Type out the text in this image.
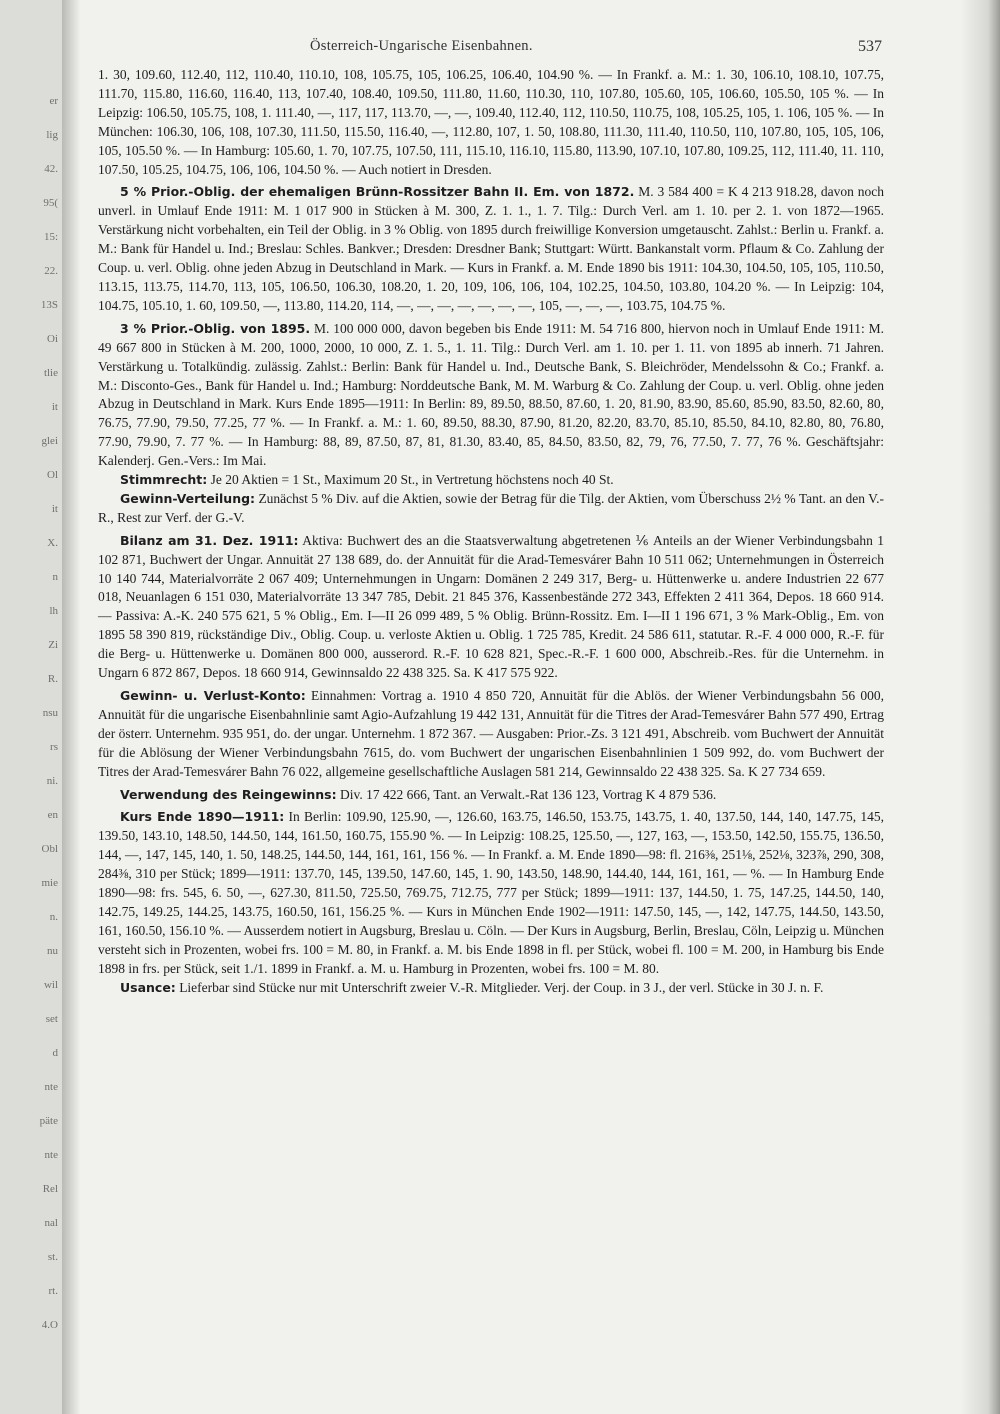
er
lig
42.
95(
15:
22.
13S
Oi
tlie
it
glei
Ol
it
X.
n
lh
Zi
R.
nsu
rs
ni.
en
Obl
mie
n.
nu
wil
set
d
nte
päte
nte
Rel
nal
st.
rt.
4.O
Österreich-Ungarische Eisenbahnen.	537

1. 30, 109.60, 112.40, 112, 110.40, 110.10, 108, 105.75, 105, 106.25, 106.40, 104.90 %. — In Frankf. a. M.: 1. 30, 106.10, 108.10, 107.75, 111.70, 115.80, 116.60, 116.40, 113, 107.40, 108.40, 109.50, 111.80, 11.60, 110.30, 110, 107.80, 105.60, 105, 106.60, 105.50, 105 %. — In Leipzig: 106.50, 105.75, 108, 1. 111.40, —, 117, 117, 113.70, —, —, 109.40, 112.40, 112, 110.50, 110.75, 108, 105.25, 105, 1. 106, 105 %. — In München: 106.30, 106, 108, 107.30, 111.50, 115.50, 116.40, —, 112.80, 107, 1. 50, 108.80, 111.30, 111.40, 110.50, 110, 107.80, 105, 105, 106, 105, 105.50 %. — In Hamburg: 105.60, 1. 70, 107.75, 107.50, 111, 115.10, 116.10, 115.80, 113.90, 107.10, 107.80, 109.25, 112, 111.40, 11. 110, 107.50, 105.25, 104.75, 106, 106, 104.50 %. — Auch notiert in Dresden.

5 % Prior.-Oblig. der ehemaligen Brünn-Rossitzer Bahn II. Em. von 1872. M. 3 584 400 = K 4 213 918.28, davon noch unverl. in Umlauf Ende 1911: M. 1 017 900 in Stücken à M. 300, Z. 1. 1., 1. 7. Tilg.: Durch Verl. am 1. 10. per 2. 1. von 1872—1965. Verstärkung nicht vorbehalten, ein Teil der Oblig. in 3 % Oblig. von 1895 durch freiwillige Konversion umgetauscht. Zahlst.: Berlin u. Frankf. a. M.: Bank für Handel u. Ind.; Breslau: Schles. Bankver.; Dresden: Dresdner Bank; Stuttgart: Württ. Bankanstalt vorm. Pflaum & Co. Zahlung der Coup. u. verl. Oblig. ohne jeden Abzug in Deutschland in Mark. — Kurs in Frankf. a. M. Ende 1890 bis 1911: 104.30, 104.50, 105, 105, 110.50, 113.15, 113.75, 114.70, 113, 105, 106.50, 106.30, 108.20, 1. 20, 109, 106, 106, 104, 102.25, 104.50, 103.80, 104.20 %. — In Leipzig: 104, 104.75, 105.10, 1. 60, 109.50, —, 113.80, 114.20, 114, —, —, —, —, —, —, —, 105, —, —, —, 103.75, 104.75 %.

3 % Prior.-Oblig. von 1895. M. 100 000 000, davon begeben bis Ende 1911: M. 54 716 800, hiervon noch in Umlauf Ende 1911: M. 49 667 800 in Stücken à M. 200, 1000, 2000, 10 000, Z. 1. 5., 1. 11. Tilg.: Durch Verl. am 1. 10. per 1. 11. von 1895 ab innerh. 71 Jahren. Verstärkung u. Totalkündig. zulässig. Zahlst.: Berlin: Bank für Handel u. Ind., Deutsche Bank, S. Bleichröder, Mendelssohn & Co.; Frankf. a. M.: Disconto-Ges., Bank für Handel u. Ind.; Hamburg: Norddeutsche Bank, M. M. Warburg & Co. Zahlung der Coup. u. verl. Oblig. ohne jeden Abzug in Deutschland in Mark. Kurs Ende 1895—1911: In Berlin: 89, 89.50, 88.50, 87.60, 1. 20, 81.90, 83.90, 85.60, 85.90, 83.50, 82.60, 80, 76.75, 77.90, 79.50, 77.25, 77 %. — In Frankf. a. M.: 1. 60, 89.50, 88.30, 87.90, 81.20, 82.20, 83.70, 85.10, 85.50, 84.10, 82.80, 80, 76.80, 77.90, 79.90, 7. 77 %. — In Hamburg: 88, 89, 87.50, 87, 81, 81.30, 83.40, 85, 84.50, 83.50, 82, 79, 76, 77.50, 7. 77, 76 %. Geschäftsjahr: Kalenderj. Gen.-Vers.: Im Mai.

Stimmrecht: Je 20 Aktien = 1 St., Maximum 20 St., in Vertretung höchstens noch 40 St.

Gewinn-Verteilung: Zunächst 5 % Div. auf die Aktien, sowie der Betrag für die Tilg. der Aktien, vom Überschuss 2½ % Tant. an den V.-R., Rest zur Verf. der G.-V.

Bilanz am 31. Dez. 1911: Aktiva: Buchwert des an die Staatsverwaltung abgetretenen ⅙ Anteils an der Wiener Verbindungsbahn 1 102 871, Buchwert der Ungar. Annuität 27 138 689, do. der Annuität für die Arad-Temesvárer Bahn 10 511 062; Unternehmungen in Österreich 10 140 744, Materialvorräte 2 067 409; Unternehmungen in Ungarn: Domänen 2 249 317, Berg- u. Hüttenwerke u. andere Industrien 22 677 018, Neuanlagen 6 151 030, Materialvorräte 13 347 785, Debit. 21 845 376, Kassenbestände 272 343, Effekten 2 411 364, Depos. 18 660 914. — Passiva: A.-K. 240 575 621, 5 % Oblig., Em. I—II 26 099 489, 5 % Oblig. Brünn-Rossitz. Em. I—II 1 196 671, 3 % Mark-Oblig., Em. von 1895 58 390 819, rückständige Div., Oblig. Coup. u. verloste Aktien u. Oblig. 1 725 785, Kredit. 24 586 611, statutar. R.-F. 4 000 000, R.-F. für die Berg- u. Hüttenwerke u. Domänen 800 000, ausserord. R.-F. 10 628 821, Spec.-R.-F. 1 600 000, Abschreib.-Res. für die Unternehm. in Ungarn 6 872 867, Depos. 18 660 914, Gewinnsaldo 22 438 325. Sa. K 417 575 922.

Gewinn- u. Verlust-Konto: Einnahmen: Vortrag a. 1910 4 850 720, Annuität für die Ablös. der Wiener Verbindungsbahn 56 000, Annuität für die ungarische Eisenbahnlinie samt Agio-Aufzahlung 19 442 131, Annuität für die Titres der Arad-Temesvárer Bahn 577 490, Ertrag der österr. Unternehm. 935 951, do. der ungar. Unternehm. 1 872 367. — Ausgaben: Prior.-Zs. 3 121 491, Abschreib. vom Buchwert der Annuität für die Ablösung der Wiener Verbindungsbahn 7615, do. vom Buchwert der ungarischen Eisenbahnlinien 1 509 992, do. vom Buchwert der Titres der Arad-Temesvárer Bahn 76 022, allgemeine gesellschaftliche Auslagen 581 214, Gewinnsaldo 22 438 325. Sa. K 27 734 659.

Verwendung des Reingewinns: Div. 17 422 666, Tant. an Verwalt.-Rat 136 123, Vortrag K 4 879 536.

Kurs Ende 1890—1911: In Berlin: 109.90, 125.90, —, 126.60, 163.75, 146.50, 153.75, 143.75, 1. 40, 137.50, 144, 140, 147.75, 145, 139.50, 143.10, 148.50, 144.50, 144, 161.50, 160.75, 155.90 %. — In Leipzig: 108.25, 125.50, —, 127, 163, —, 153.50, 142.50, 155.75, 136.50, 144, —, 147, 145, 140, 1. 50, 148.25, 144.50, 144, 161, 161, 156 %. — In Frankf. a. M. Ende 1890—98: fl. 216⅜, 251⅛, 252⅛, 323⅞, 290, 308, 284⅜, 310 per Stück; 1899—1911: 137.70, 145, 139.50, 147.60, 145, 1. 90, 143.50, 148.90, 144.40, 144, 161, 161, — %. — In Hamburg Ende 1890—98: frs. 545, 6. 50, —, 627.30, 811.50, 725.50, 769.75, 712.75, 777 per Stück; 1899—1911: 137, 144.50, 1. 75, 147.25, 144.50, 140, 142.75, 149.25, 144.25, 143.75, 160.50, 161, 156.25 %. — Kurs in München Ende 1902—1911: 147.50, 145, —, 142, 147.75, 144.50, 143.50, 161, 160.50, 156.10 %. — Ausserdem notiert in Augsburg, Breslau u. Cöln. — Der Kurs in Augsburg, Berlin, Breslau, Cöln, Leipzig u. München versteht sich in Prozenten, wobei frs. 100 = M. 80, in Frankf. a. M. bis Ende 1898 in fl. per Stück, wobei fl. 100 = M. 200, in Hamburg bis Ende 1898 in frs. per Stück, seit 1./1. 1899 in Frankf. a. M. u. Hamburg in Prozenten, wobei frs. 100 = M. 80.

Usance: Lieferbar sind Stücke nur mit Unterschrift zweier V.-R. Mitglieder. Verj. der Coup. in 3 J., der verl. Stücke in 30 J. n. F.
